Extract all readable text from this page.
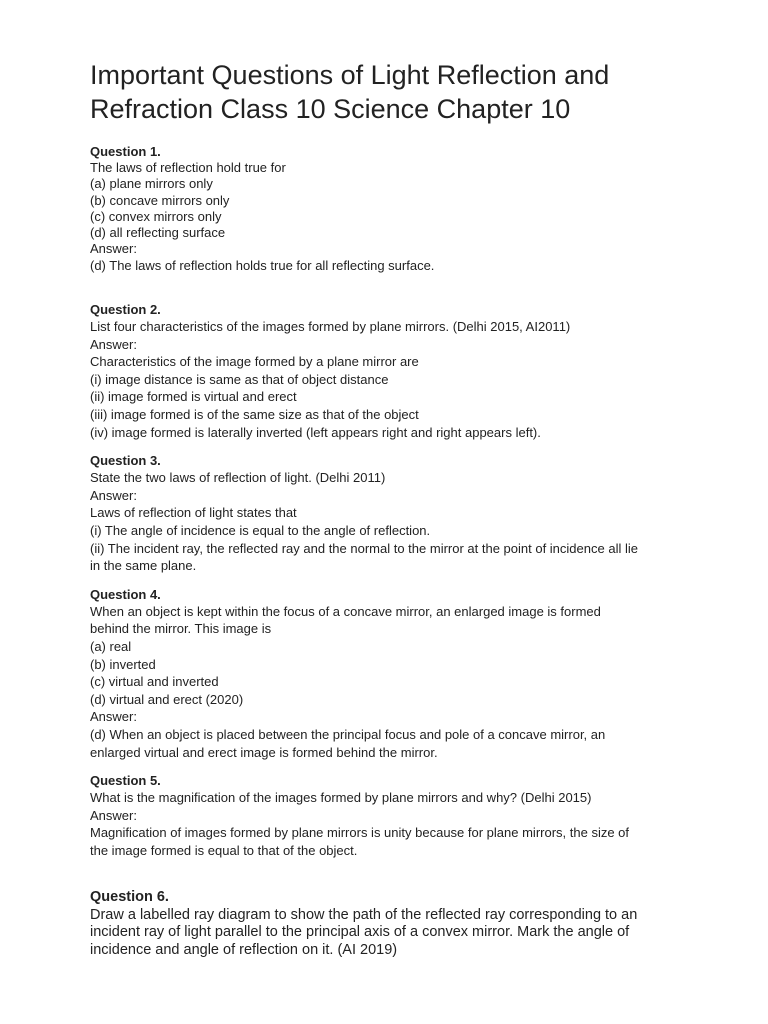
Important Questions of Light Reflection and
Refraction Class 10 Science Chapter 10
Question 1.
The laws of reflection hold true for
(a) plane mirrors only
(b) concave mirrors only
(c) convex mirrors only
(d) all reflecting surface
Answer:
(d) The laws of reflection holds true for all reflecting surface.
Question 2.
List four characteristics of the images formed by plane mirrors. (Delhi 2015, AI2011)
Answer:
Characteristics of the image formed by a plane mirror are
(i) image distance is same as that of object distance
(ii) image formed is virtual and erect
(iii) image formed is of the same size as that of the object
(iv) image formed is laterally inverted (left appears right and right appears left).
Question 3.
State the two laws of reflection of light. (Delhi 2011)
Answer:
Laws of reflection of light states that
(i) The angle of incidence is equal to the angle of reflection.
(ii) The incident ray, the reflected ray and the normal to the mirror at the point of incidence all lie
in the same plane.
Question 4.
When an object is kept within the focus of a concave mirror, an enlarged image is formed
behind the mirror. This image is
(a) real
(b) inverted
(c) virtual and inverted
(d) virtual and erect (2020)
Answer:
(d) When an object is placed between the principal focus and pole of a concave mirror, an
enlarged virtual and erect image is formed behind the mirror.
Question 5.
What is the magnification of the images formed by plane mirrors and why? (Delhi 2015)
Answer:
Magnification of images formed by plane mirrors is unity because for plane mirrors, the size of
the image formed is equal to that of the object.
Question 6.
Draw a labelled ray diagram to show the path of the reflected ray corresponding to an
incident ray of light parallel to the principal axis of a convex mirror. Mark the angle of
incidence and angle of reflection on it. (AI 2019)
